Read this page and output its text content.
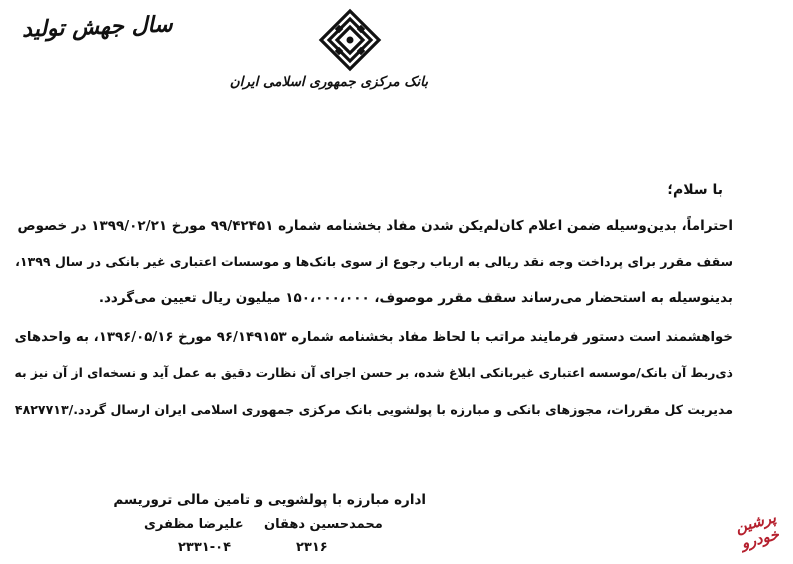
سال جهش تولید
بانک مرکزی جمهوری اسلامی ایران
با سلام؛
احتراماً، بدین‌وسیله ضمن اعلام کان‌لم‌یکن شدن مفاد بخشنامه شماره ۹۹/۴۲۴۵۱ مورخ ۱۳۹۹/۰۲/۲۱ در خصوص
سقف مقرر برای پرداخت وجه نقد ریالی به ارباب رجوع از سوی بانک‌ها و موسسات اعتباری غیر بانکی در سال ۱۳۹۹،
بدینوسیله به استحضار می‌رساند سقف مقرر موصوف، ۱۵۰،۰۰۰،۰۰۰ میلیون ریال تعیین می‌گردد.
خواهشمند است دستور فرمایند مراتب با لحاظ مفاد بخشنامه شماره ۹۶/۱۴۹۱۵۳ مورخ ۱۳۹۶/۰۵/۱۶، به واحدهای
ذی‌ربط آن بانک/موسسه اعتباری غیربانکی ابلاغ شده، بر حسن اجرای آن نظارت دقیق به عمل آید و نسخه‌ای از آن نیز به
مدیریت کل مقررات، مجوزهای بانکی و مبارزه با پولشویی بانک مرکزی جمهوری اسلامی ایران ارسال گردد./۴۸۲۷۷۱۳
اداره مبارزه با پولشویی و تامین مالی تروریسم
محمدحسین دهقان
علیرضا مظفری
۲۳۱۶
۲۳۳۱-۰۴
پرشین خودرو
